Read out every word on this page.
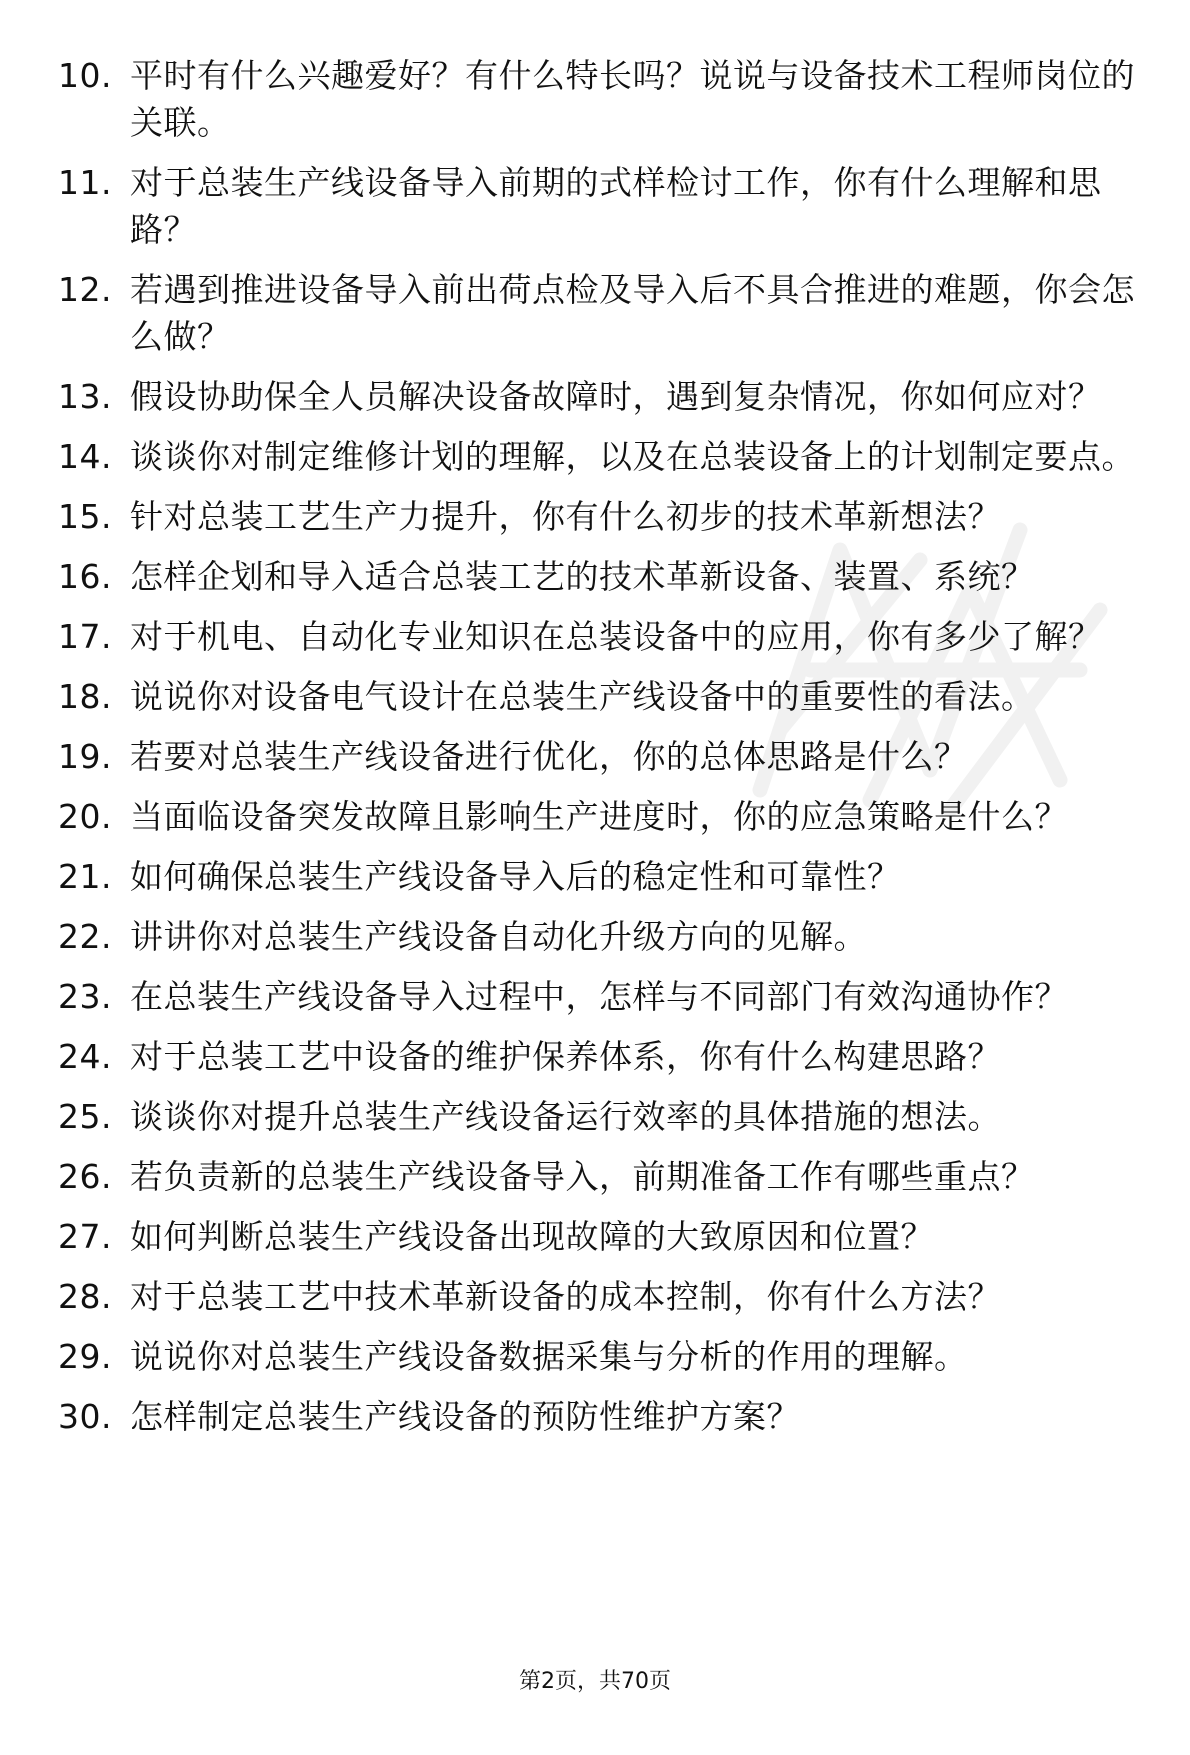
10. 平时有什么兴趣爱好？有什么特长吗？说说与设备技术工程师岗位的关联。
11. 对于总装生产线设备导入前期的式样检讨工作，你有什么理解和思路？
12. 若遇到推进设备导入前出荷点检及导入后不具合推进的难题，你会怎么做？
13. 假设协助保全人员解决设备故障时，遇到复杂情况，你如何应对？
14. 谈谈你对制定维修计划的理解，以及在总装设备上的计划制定要点。
15. 针对总装工艺生产力提升，你有什么初步的技术革新想法？
16. 怎样企划和导入适合总装工艺的技术革新设备、装置、系统？
17. 对于机电、自动化专业知识在总装设备中的应用，你有多少了解？
18. 说说你对设备电气设计在总装生产线设备中的重要性的看法。
19. 若要对总装生产线设备进行优化，你的总体思路是什么？
20. 当面临设备突发故障且影响生产进度时，你的应急策略是什么？
21. 如何确保总装生产线设备导入后的稳定性和可靠性？
22. 讲讲你对总装生产线设备自动化升级方向的见解。
23. 在总装生产线设备导入过程中，怎样与不同部门有效沟通协作？
24. 对于总装工艺中设备的维护保养体系，你有什么构建思路？
25. 谈谈你对提升总装生产线设备运行效率的具体措施的想法。
26. 若负责新的总装生产线设备导入，前期准备工作有哪些重点？
27. 如何判断总装生产线设备出现故障的大致原因和位置？
28. 对于总装工艺中技术革新设备的成本控制，你有什么方法？
29. 说说你对总装生产线设备数据采集与分析的作用的理解。
30. 怎样制定总装生产线设备的预防性维护方案？
第2页，共70页
